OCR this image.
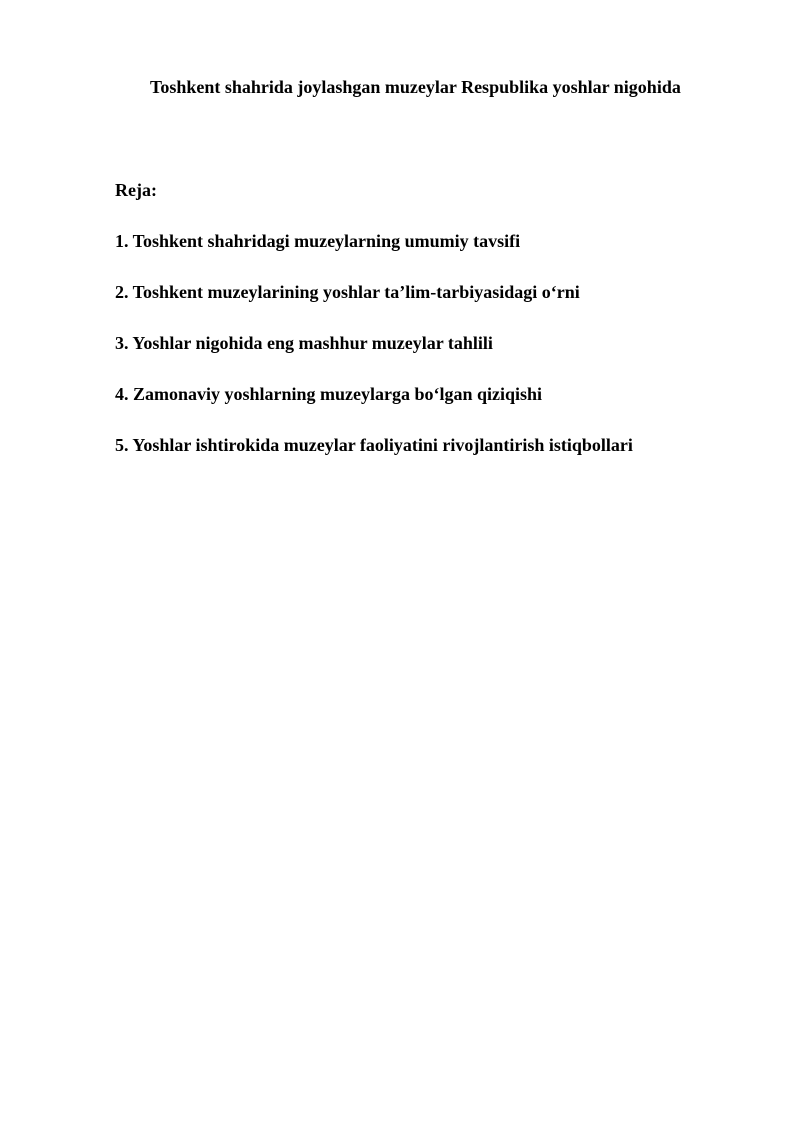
Toshkent shahrida joylashgan muzeylar Respublika yoshlar nigohida
Reja:
1. Toshkent shahridagi muzeylarning umumiy tavsifi
2. Toshkent muzeylarining yoshlar ta’lim-tarbiyasidagi o‘rni
3. Yoshlar nigohida eng mashhur muzeylar tahlili
4. Zamonaviy yoshlarning muzeylarga bo‘lgan qiziqishi
5. Yoshlar ishtirokida muzeylar faoliyatini rivojlantirish istiqbollari
